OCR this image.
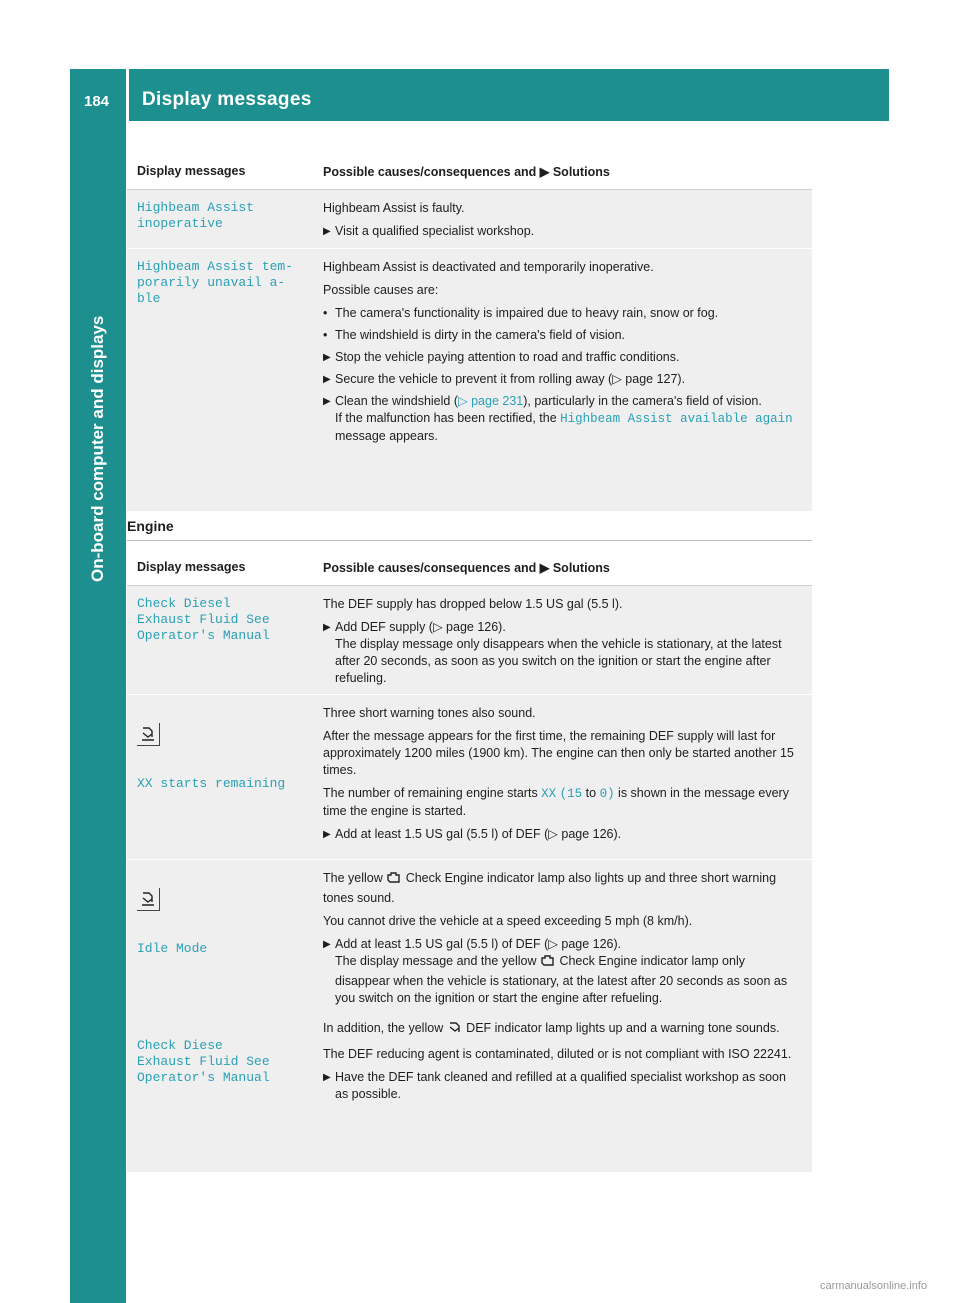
184 Display messages
On-board computer and displays
Display messages	Possible causes/consequences and ▶ Solutions
Highbeam Assist
inoperative

Highbeam Assist is faulty.

▶ Visit a qualified specialist workshop.
Highbeam Assist tem-
porarily unavail a-
ble

Highbeam Assist is deactivated and temporarily inoperative.

Possible causes are:

• The camera's functionality is impaired due to heavy rain, snow or fog.
• The windshield is dirty in the camera's field of vision.
▶ Stop the vehicle paying attention to road and traffic conditions.
▶ Secure the vehicle to prevent it from rolling away (▷ page 127).
▶ Clean the windshield (▷ page 231), particularly in the camera's field of vision.
If the malfunction has been rectified, the Highbeam Assist available again message appears.
Engine
Display messages	Possible causes/consequences and ▶ Solutions
Check Diesel
Exhaust Fluid See
Operator's Manual

The DEF supply has dropped below 1.5 US gal (5.5 l).

▶ Add DEF supply (▷ page 126).
The display message only disappears when the vehicle is stationary, at the latest after 20 seconds, as soon as you switch on the ignition or start the engine after refueling.

XX starts remaining

Three short warning tones also sound.

After the message appears for the first time, the remaining DEF supply will last for approximately 1200 miles (1900 km). The engine can then only be started another 15 times.

The number of remaining engine starts XX (15 to 0) is shown in the message every time the engine is started.

▶ Add at least 1.5 US gal (5.5 l) of DEF (▷ page 126).

Idle Mode

Check Diese
Exhaust Fluid See
Operator's Manual

The yellow  Check Engine indicator lamp also lights up and three short warning tones sound.

You cannot drive the vehicle at a speed exceeding 5 mph (8 km/h).

▶ Add at least 1.5 US gal (5.5 l) of DEF (▷ page 126).
The display message and the yellow  Check Engine indicator lamp only disappear when the vehicle is stationary, at the latest after 20 seconds as soon as you switch on the ignition or start the engine after refueling.

In addition, the yellow  DEF indicator lamp lights up and a warning tone sounds.

The DEF reducing agent is contaminated, diluted or is not compliant with ISO 22241.

▶ Have the DEF tank cleaned and refilled at a qualified specialist workshop as soon as possible.
carmanualsonline.info
